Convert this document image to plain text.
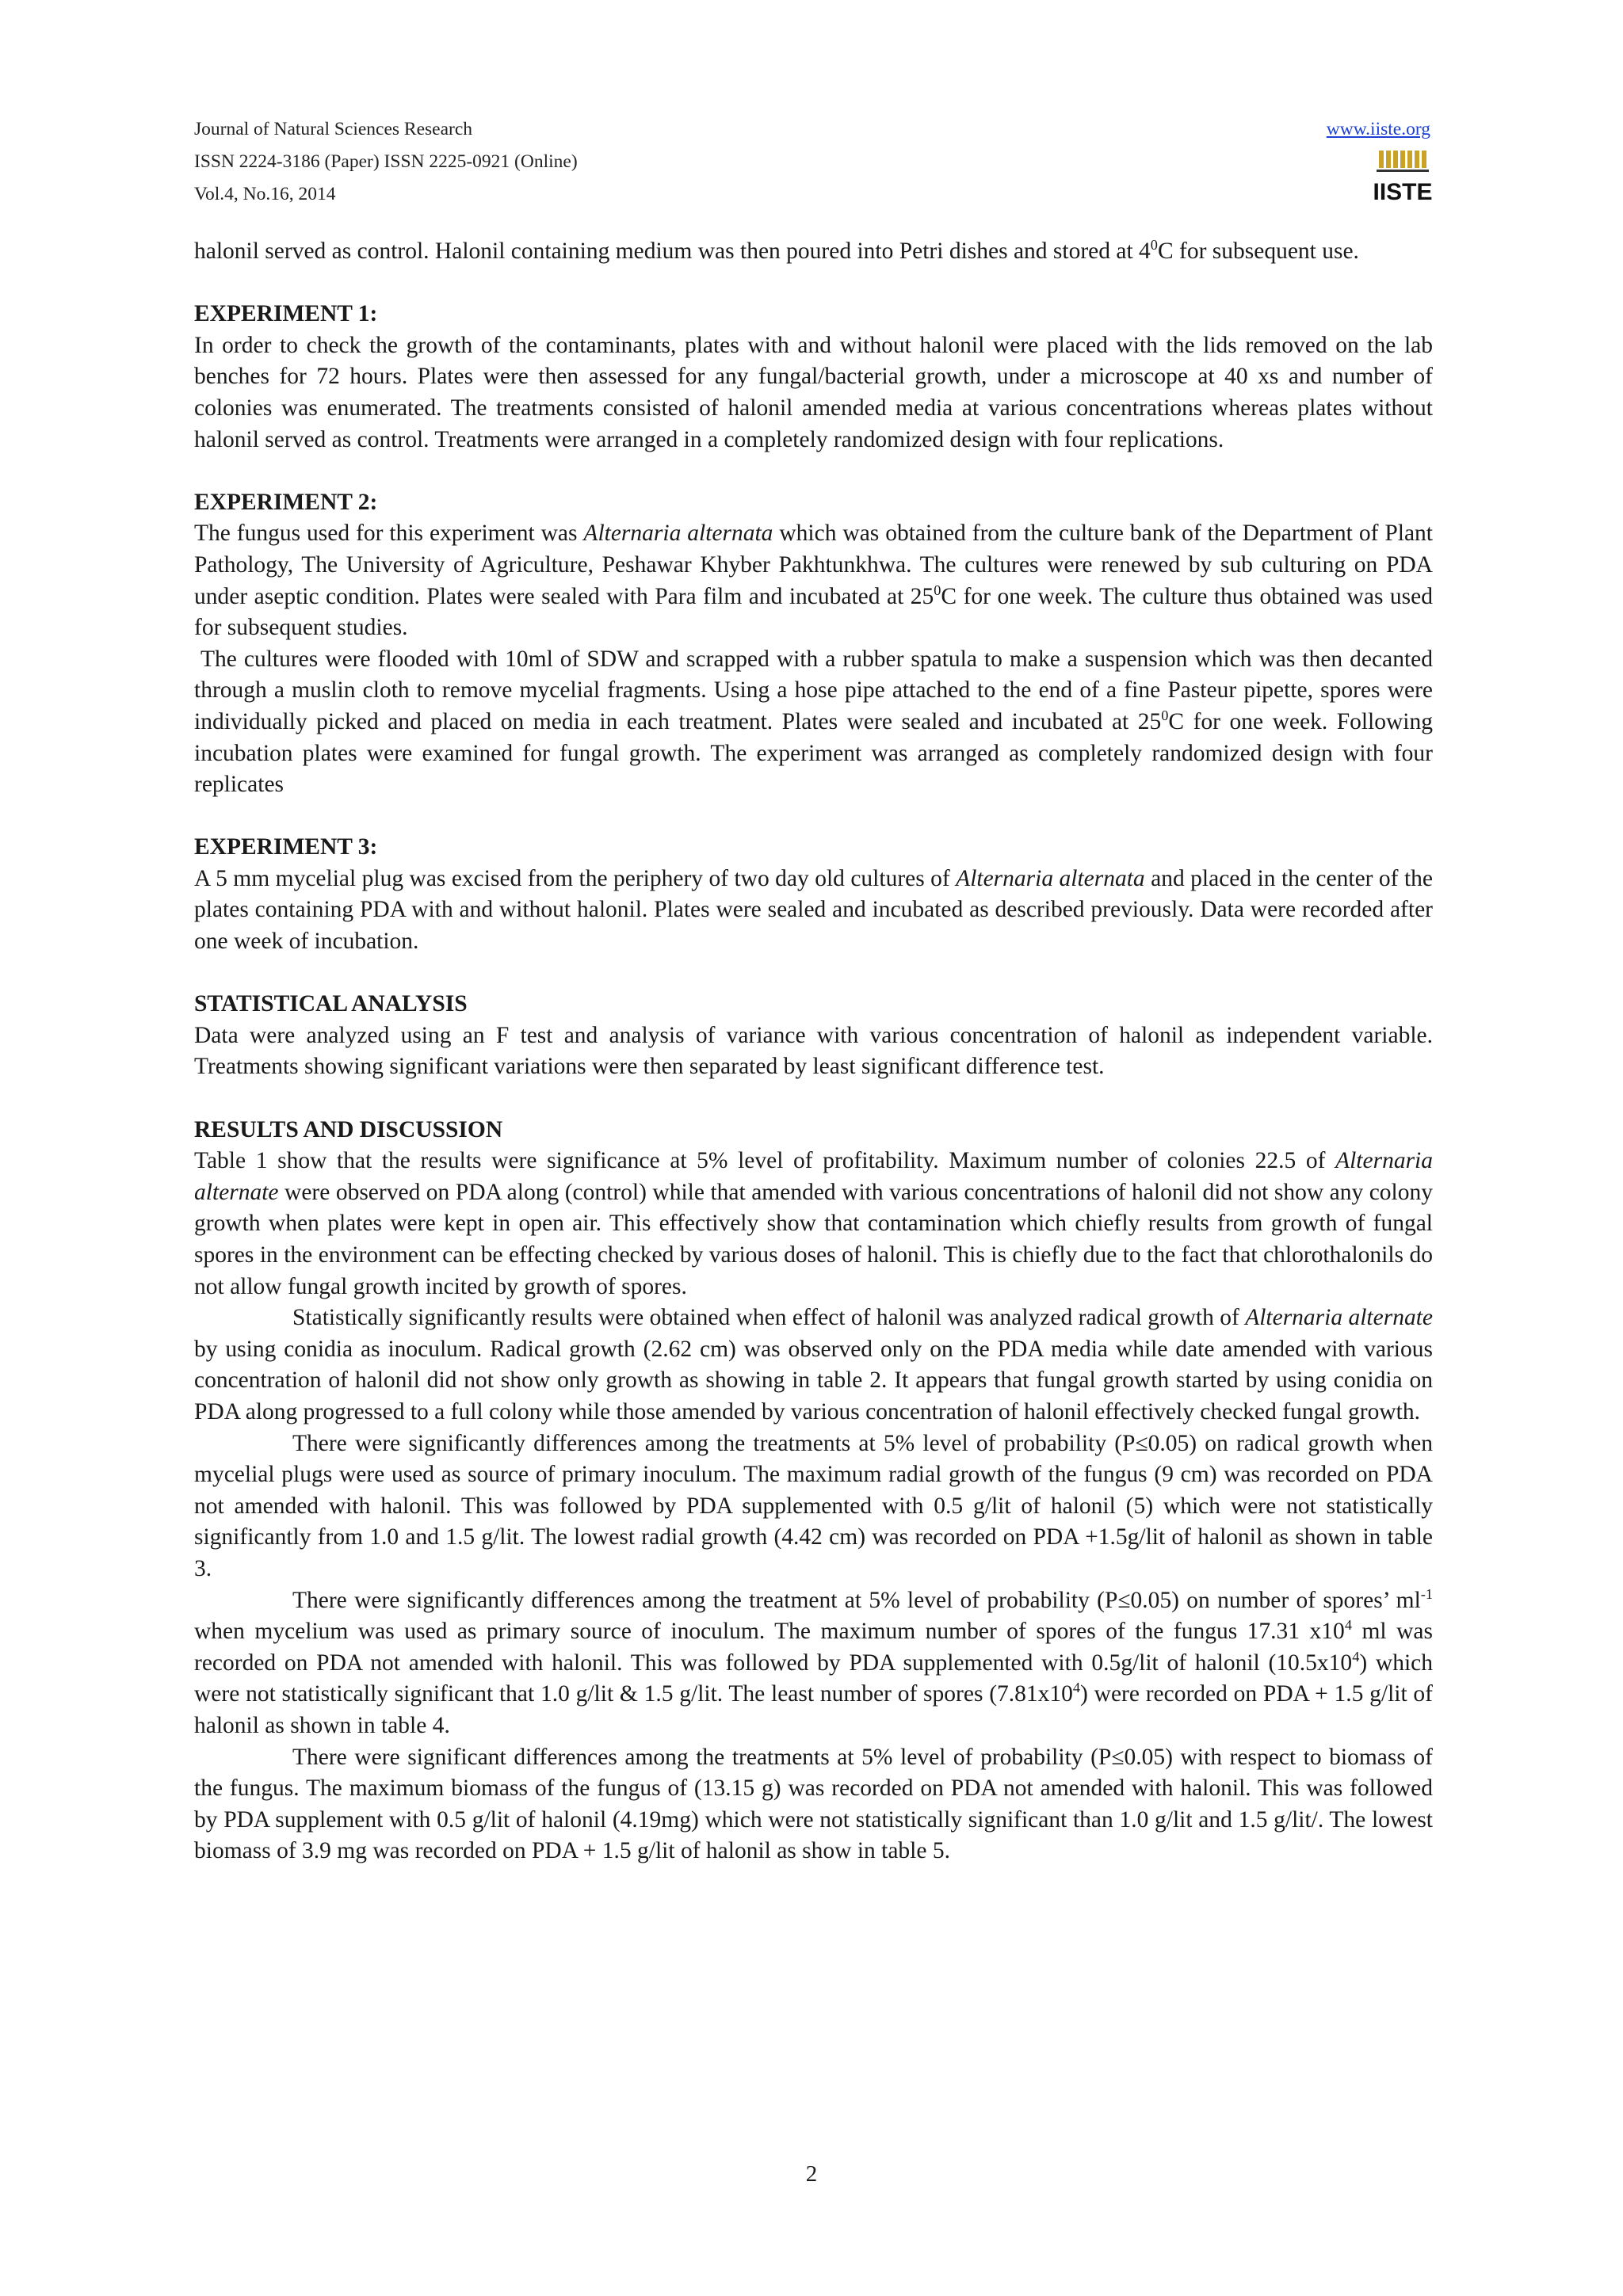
Journal of Natural Sciences Research
ISSN 2224-3186 (Paper) ISSN 2225-0921 (Online)
Vol.4, No.16, 2014
www.iiste.org
IISTE

halonil served as control. Halonil containing medium was then poured into Petri dishes and stored at $4^0C$ for subsequent use.

EXPERIMENT 1:

In order to check the growth of the contaminants, plates with and without halonil were placed with the lids removed on the lab benches for 72 hours. Plates were then assessed for any fungal/bacterial growth, under a microscope at 40 xs and number of colonies was enumerated. The treatments consisted of halonil amended media at various concentrations whereas plates without halonil served as control. Treatments were arranged in a completely randomized design with four replications.

EXPERIMENT 2:

The fungus used for this experiment was Alternaria alternata which was obtained from the culture bank of the Department of Plant Pathology, The University of Agriculture, Peshawar Khyber Pakhtunkhwa. The cultures were renewed by sub culturing on PDA under aseptic condition. Plates were sealed with Para film and incubated at $25^0C$ for one week. The culture thus obtained was used for subsequent studies.

The cultures were flooded with 10ml of SDW and scrapped with a rubber spatula to make a suspension which was then decanted through a muslin cloth to remove mycelial fragments. Using a hose pipe attached to the end of a fine Pasteur pipette, spores were individually picked and placed on media in each treatment. Plates were sealed and incubated at $25^0C$ for one week. Following incubation plates were examined for fungal growth. The experiment was arranged as completely randomized design with four replicates

EXPERIMENT 3:

A 5 mm mycelial plug was excised from the periphery of two day old cultures of Alternaria alternata and placed in the center of the plates containing PDA with and without halonil. Plates were sealed and incubated as described previously. Data were recorded after one week of incubation.

STATISTICAL ANALYSIS

Data were analyzed using an F test and analysis of variance with various concentration of halonil as independent variable. Treatments showing significant variations were then separated by least significant difference test.

RESULTS AND DISCUSSION

Table 1 show that the results were significance at 5% level of profitability. Maximum number of colonies 22.5 of Alternaria alternate were observed on PDA along (control) while that amended with various concentrations of halonil did not show any colony growth when plates were kept in open air. This effectively show that contamination which chiefly results from growth of fungal spores in the environment can be effecting checked by various doses of halonil. This is chiefly due to the fact that chlorothalonils do not allow fungal growth incited by growth of spores.

Statistically significantly results were obtained when effect of halonil was analyzed radical growth of Alternaria alternate by using conidia as inoculum. Radical growth (2.62 cm) was observed only on the PDA media while date amended with various concentration of halonil did not show only growth as showing in table 2. It appears that fungal growth started by using conidia on PDA along progressed to a full colony while those amended by various concentration of halonil effectively checked fungal growth.

There were significantly differences among the treatments at 5% level of probability (P≤0.05) on radical growth when mycelial plugs were used as source of primary inoculum. The maximum radial growth of the fungus (9 cm) was recorded on PDA not amended with halonil. This was followed by PDA supplemented with 0.5 g/lit of halonil (5) which were not statistically significantly from 1.0 and 1.5 g/lit. The lowest radial growth (4.42 cm) was recorded on PDA +1.5g/lit of halonil as shown in table 3.

There were significantly differences among the treatment at 5% level of probability (P≤0.05) on number of spores’ $ml^{-1}$ when mycelium was used as primary source of inoculum. The maximum number of spores of the fungus 17.31 $x10^4$ ml was recorded on PDA not amended with halonil. This was followed by PDA supplemented with 0.5g/lit of halonil $(10.5x10^4)$ which were not statistically significant that 1.0 g/lit & 1.5 g/lit. The least number of spores $(7.81x10^4)$ were recorded on PDA + 1.5 g/lit of halonil as shown in table 4.

There were significant differences among the treatments at 5% level of probability (P≤0.05) with respect to biomass of the fungus. The maximum biomass of the fungus of (13.15 g) was recorded on PDA not amended with halonil. This was followed by PDA supplement with 0.5 g/lit of halonil (4.19mg) which were not statistically significant than 1.0 g/lit and 1.5 g/lit/. The lowest biomass of 3.9 mg was recorded on PDA + 1.5 g/lit of halonil as show in table 5.

2
